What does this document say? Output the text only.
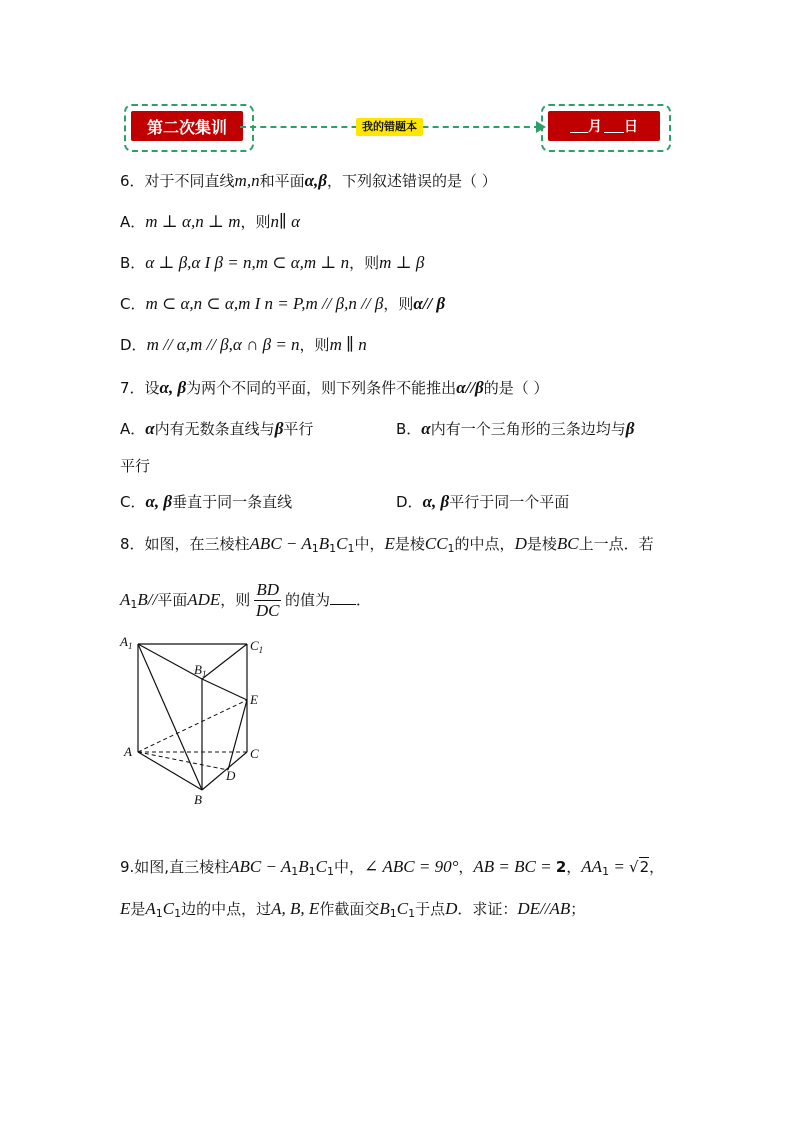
第二次集训	我的错题本	月 日
6．对于不同直线m,n和平面α,β，下列叙述错误的是（ ）
A．m ⊥ α,n ⊥ m，则n∥ α
B．α ⊥ β,α I β = n,m ⊂ α,m ⊥ n，则m ⊥ β
C．m ⊂ α,n ⊂ α,m I n = P,m // β,n // β，则α// β
D．m // α,m // β,α ∩ β = n，则m ∥ n
7．设α, β为两个不同的平面，则下列条件不能推出α//β的是（ ）
A．α内有无数条直线与β平行	B．α内有一个三角形的三条边均与β
平行
C．α, β垂直于同一条直线	D．α, β平行于同一个平面
8．如图，在三棱柱ABC − $A_1B_1C_1$中，E是棱$CC_1$的中点，D是棱BC上一点．若
$A_1B//$平面ADE，则 $\frac{BD}{DC}$ 的值为 ．
$A_1$
$B_1$
$C_1$
E
A	C
D
B
9.如图,直三棱柱ABC − $A_1B_1C_1$中，∠ ABC = 90°，AB = BC = 2，$AA_1 = √2$，
E是$A_1C_1$边的中点，过A, B, E作截面交$B_1C_1$于点D．求证：DE//AB；
